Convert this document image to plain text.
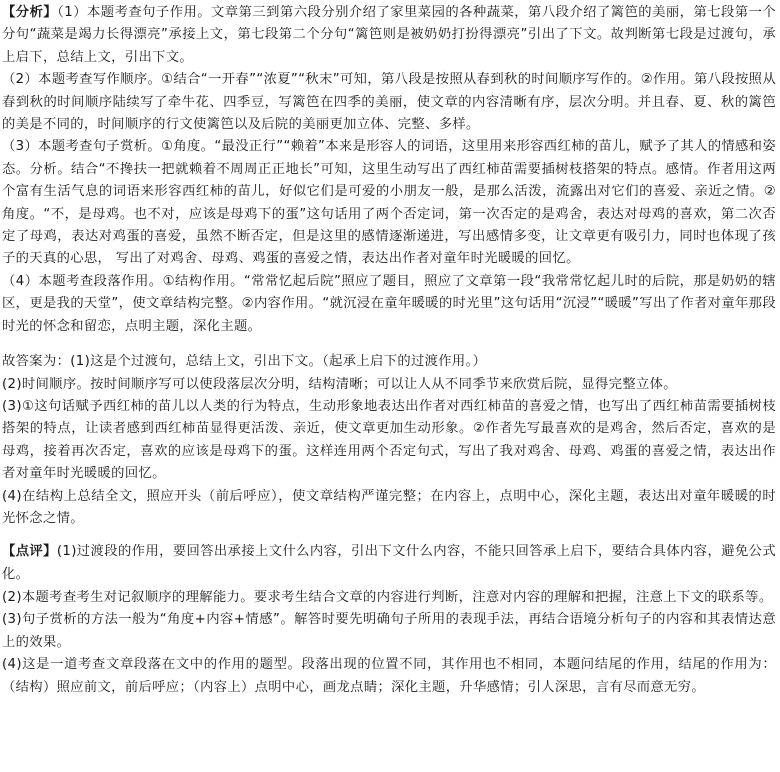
【分析】（1）本题考查句子作用。文章第三到第六段分别介绍了家里菜园的各种蔬菜，第八段介绍了篱笆的美丽，第七段第一个分句“蔬菜是竭力长得漂亮”承接上文，第七段第二个分句“篱笆则是被奶奶打扮得漂亮”引出了下文。故判断第七段是过渡句，承上启下，总结上文，引出下文。

（2）本题考查写作顺序。①结合“一开春”“浓夏”“秋末”可知，第八段是按照从春到秋的时间顺序写作的。②作用。第八段按照从春到秋的时间顺序陆续写了牵牛花、四季豆，写篱笆在四季的美丽，使文章的内容清晰有序，层次分明。并且春、夏、秋的篱笆的美是不同的，时间顺序的行文使篱笆以及后院的美丽更加立体、完整、多样。

（3）本题考查句子赏析。①角度。“最没正行”“赖着”本来是形容人的词语，这里用来形容西红柿的苗儿，赋予了其人的情感和姿态。分析。结合“不搀扶一把就赖着不周周正正地长”可知，这里生动写出了西红柿苗需要插树枝搭架的特点。感情。作者用这两个富有生活气息的词语来形容西红柿的苗儿，好似它们是可爱的小朋友一般，是那么活泼，流露出对它们的喜爱、亲近之情。②角度。“不，是母鸡。也不对，应该是母鸡下的蛋”这句话用了两个否定词，第一次否定的是鸡舍，表达对母鸡的喜欢，第二次否定了母鸡，表达对鸡蛋的喜爱，虽然不断否定，但是这里的感情逐渐递进，写出感情多变，让文章更有吸引力，同时也体现了孩子的天真的心思， 写出了对鸡舍、母鸡、鸡蛋的喜爱之情，表达出作者对童年时光暖暖的回忆。

（4）本题考查段落作用。①结构作用。“常常忆起后院”照应了题目，照应了文章第一段“我常常忆起儿时的后院，那是奶奶的辖区，更是我的天堂”，使文章结构完整。②内容作用。“就沉浸在童年暖暖的时光里”这句话用“沉浸”“暖暖”写出了作者对童年那段时光的怀念和留恋，点明主题，深化主题。

故答案为：(1)这是个过渡句，总结上文，引出下文。（起承上启下的过渡作用。）

(2)时间顺序。按时间顺序写可以使段落层次分明，结构清晰；可以让人从不同季节来欣赏后院，显得完整立体。

(3)①这句话赋予西红柿的苗儿以人类的行为特点，生动形象地表达出作者对西红柿苗的喜爱之情，也写出了西红柿苗需要插树枝搭架的特点，让读者感到西红柿苗显得更活泼、亲近，使文章更加生动形象。②作者先写最喜欢的是鸡舍，然后否定，喜欢的是母鸡，接着再次否定，喜欢的应该是母鸡下的蛋。这样连用两个否定句式，写出了我对鸡舍、母鸡、鸡蛋的喜爱之情，表达出作者对童年时光暖暖的回忆。

(4)在结构上总结全文，照应开头（前后呼应），使文章结构严谨完整；在内容上，点明中心，深化主题，表达出对童年暖暖的时光怀念之情。

【点评】(1)过渡段的作用，要回答出承接上文什么内容，引出下文什么内容，不能只回答承上启下，要结合具体内容，避免公式化。

(2)本题考查考生对记叙顺序的理解能力。要求考生结合文章的内容进行判断，注意对内容的理解和把握，注意上下文的联系等。

(3)句子赏析的方法一般为“角度+内容+情感”。解答时要先明确句子所用的表现手法，再结合语境分析句子的内容和其表情达意上的效果。

(4)这是一道考查文章段落在文中的作用的题型。段落出现的位置不同，其作用也不相同，本题问结尾的作用，结尾的作用为：（结构）照应前文，前后呼应；（内容上）点明中心，画龙点睛；深化主题，升华感情；引人深思，言有尽而意无穷。
